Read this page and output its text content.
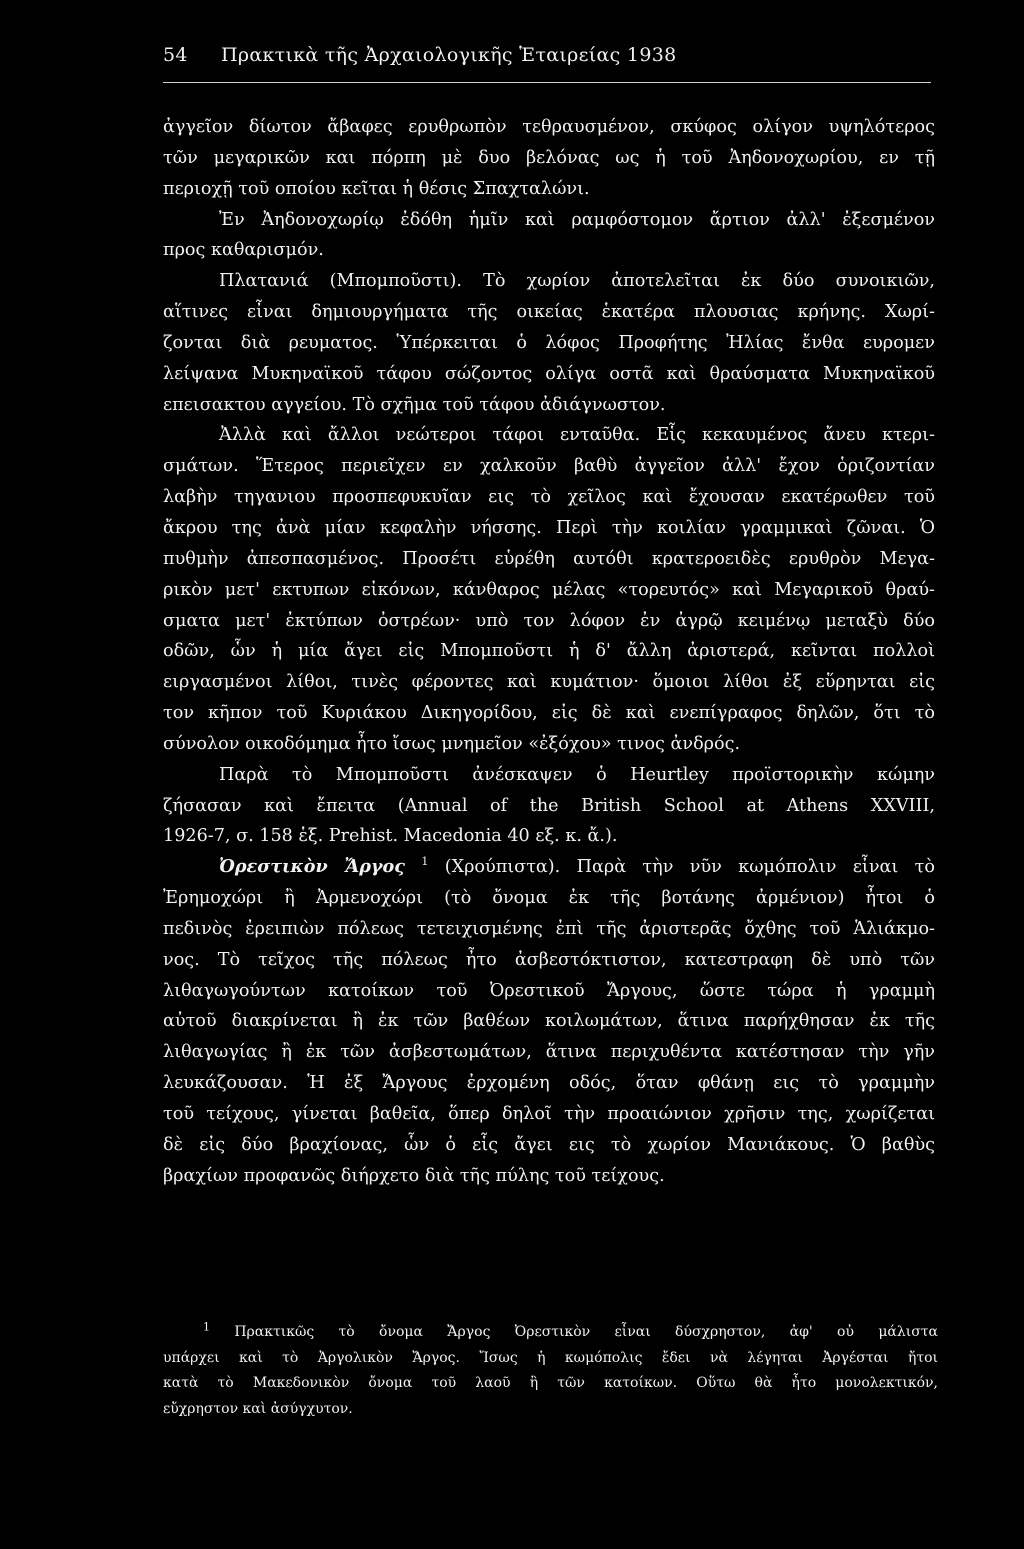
54 Πρακτικὰ τῆς Ἀρχαιολογικῆς Ἑταιρείας 1938
ἀγγεῖον δίωτον ἄβαφες ερυθρωπὸν τεθραυσμένον, σκύφος ολίγον υψηλότερος
τῶν μεγαρικῶν και πόρπη μὲ δυο βελόνας ως ἡ τοῦ Ἀηδονοχωρίου, εν τῇ
περιοχῇ τοῦ οποίου κεῖται ἡ θέσις Σπαχταλώνι.
Ἐν Ἀηδονοχωρίῳ ἐδόθη ἡμῖν καὶ ραμφόστομον ἄρτιον ἀλλ' ἐξεσμένον
προς καθαρισμόν.
Πλατανιά (Μπομποῦστι). Τὸ χωρίον ἀποτελεῖται ἐκ δύο συνοικιῶν,
αἵτινες εἶναι δημιουργήματα τῆς οικείας ἑκατέρα πλουσιας κρήνης. Χωρί-
ζονται διὰ ρευματος. Ὑπέρκειται ὁ λόφος Προφήτης Ἠλίας ἔνθα ευρομεν
λείψανα Μυκηναϊκοῦ τάφου σώζοντος ολίγα οστᾶ καὶ θραύσματα Μυκηναϊκοῦ
επεισακτου αγγείου. Τὸ σχῆμα τοῦ τάφου ἀδιάγνωστον.
Ἀλλὰ καὶ ἄλλοι νεώτεροι τάφοι ενταῦθα. Εἷς κεκαυμένος ἄνευ κτερι-
σμάτων. Ἕτερος περιεῖχεν εν χαλκοῦν βαθὺ ἀγγεῖον ἀλλ' ἔχον ὁριζοντίαν
λαβὴν τηγανιου προσπεφυκυῖαν εις τὸ χεῖλος καὶ ἔχουσαν εκατέρωθεν τοῦ
ἄκρου της ἀνὰ μίαν κεφαλὴν νήσσης. Περὶ τὴν κοιλίαν γραμμικαὶ ζῶναι. Ὁ
πυθμὴν ἀπεσπασμένος. Προσέτι εὑρέθη αυτόθι κρατεροειδὲς ερυθρὸν Μεγα-
ρικὸν μετ' εκτυπων εἰκόνων, κάνθαρος μέλας «τορευτός» καὶ Μεγαρικοῦ θραύ-
σματα μετ' ἐκτύπων ὀστρέων· υπὸ τον λόφον ἐν ἀγρῷ κειμένῳ μεταξὺ δύο
οδῶν, ὧν ἡ μία ἄγει εἰς Μπομποῦστι ἡ δ' ἄλλη ἀριστερά, κεῖνται πολλοὶ
ειργασμένοι λίθοι, τινὲς φέροντες καὶ κυμάτιον· ὅμοιοι λίθοι ἐξ εὕρηνται εἰς
τον κῆπον τοῦ Κυριάκου Δικηγορίδου, εἰς δὲ καὶ ενεπίγραφος δηλῶν, ὅτι τὸ
σύνολον οικοδόμημα ἦτο ἴσως μνημεῖον «ἐξόχου» τινος ἀνδρός.
Παρὰ τὸ Μπομποῦστι ἀνέσκαψεν ὁ Heurtley προϊστορικὴν κώμην
ζήσασαν καὶ ἔπειτα (Annual of the British School at Athens XXVIII,
1926-7, σ. 158 ἑξ. Prehist. Macedonia 40 εξ. κ. ἄ.).
Ὀρεστικὸν Ἄργος $^1$ (Χρούπιστα). Παρὰ τὴν νῦν κωμόπολιν εἶναι τὸ
Ἐρημοχώρι ἢ Ἀρμενοχώρι (τὸ ὄνομα ἐκ τῆς βοτάνης ἀρμένιον) ἦτοι ὁ
πεδινὸς ἐρειπιὼν πόλεως τετειχισμένης ἐπὶ τῆς ἀριστερᾶς ὄχθης τοῦ Ἁλιάκμο-
νος. Τὸ τεῖχος τῆς πόλεως ἦτο ἀσβεστόκτιστον, κατεστραφη δὲ υπὸ τῶν
λιθαγωγούντων κατοίκων τοῦ Ὀρεστικοῦ Ἄργους, ὥστε τώρα ἡ γραμμὴ
αὐτοῦ διακρίνεται ἢ ἐκ τῶν βαθέων κοιλωμάτων, ἅτινα παρήχθησαν ἐκ τῆς
λιθαγωγίας ἢ ἐκ τῶν ἀσβεστωμάτων, ἅτινα περιχυθέντα κατέστησαν τὴν γῆν
λευκάζουσαν. Ἡ ἐξ Ἄργους ἐρχομένη οδός, ὅταν φθάνῃ εις τὸ γραμμὴν
τοῦ τείχους, γίνεται βαθεῖα, ὅπερ δηλοῖ τὴν προαιώνιον χρῆσιν της, χωρίζεται
δὲ εἰς δύο βραχίονας, ὧν ὁ εἷς ἄγει εις τὸ χωρίον Μανιάκους. Ὁ βαθὺς
βραχίων προφανῶς διήρχετο διὰ τῆς πύλης τοῦ τείχους.
$^1$ Πρακτικῶς τὸ ὄνομα Ἄργος Ὀρεστικὸν εἶναι δύσχρηστον, ἀφ' οὐ μάλιστα
υπάρχει καὶ τὸ Ἀργολικὸν Ἄργος. Ἴσως ἡ κωμόπολις ἔδει νὰ λέγηται Ἀργέσται ἤτοι
κατὰ τὸ Μακεδονικὸν ὄνομα τοῦ λαοῦ ἢ τῶν κατοίκων. Οὕτω θὰ ἦτο μονολεκτικόν,
εὔχρηστον καὶ ἀσύγχυτον.
